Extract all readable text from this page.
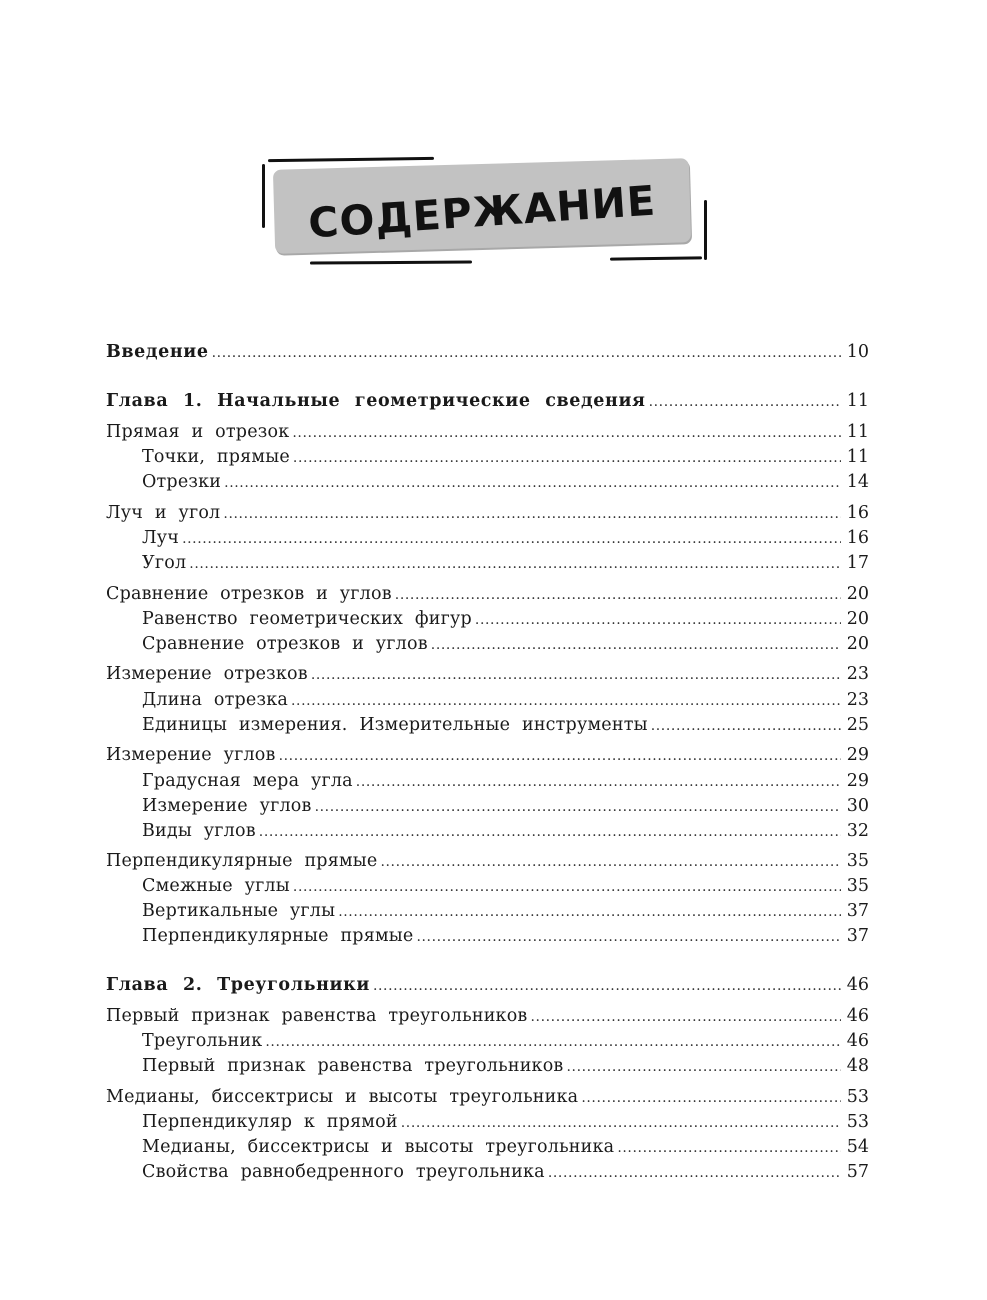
СОДЕРЖАНИЕ
Введение .....	10
Глава 1. Начальные геометрические сведения .....	11
Прямая и отрезок .....	11
Точки, прямые .....	11
Отрезки .....	14
Луч и угол .....	16
Луч .....	16
Угол .....	17
Сравнение отрезков и углов .....	20
Равенство геометрических фигур .....	20
Сравнение отрезков и углов .....	20
Измерение отрезков .....	23
Длина отрезка .....	23
Единицы измерения. Измерительные инструменты .....	25
Измерение углов .....	29
Градусная мера угла .....	29
Измерение углов .....	30
Виды углов .....	32
Перпендикулярные прямые .....	35
Смежные углы .....	35
Вертикальные углы .....	37
Перпендикулярные прямые .....	37
Глава 2. Треугольники .....	46
Первый признак равенства треугольников .....	46
Треугольник .....	46
Первый признак равенства треугольников .....	48
Медианы, биссектрисы и высоты треугольника .....	53
Перпендикуляр к прямой .....	53
Медианы, биссектрисы и высоты треугольника .....	54
Свойства равнобедренного треугольника .....	57
